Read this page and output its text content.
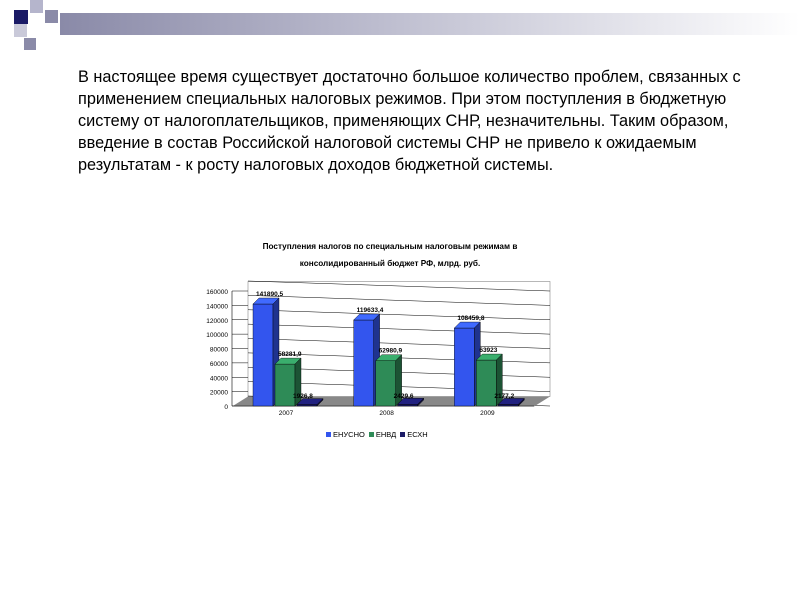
В настоящее время существует достаточно большое количество проблем, связанных с применением специальных налоговых режимов. При этом поступления в бюджетную систему от налогоплательщиков, применяющих СНР, незначительны. Таким образом, введение в состав Российской налоговой системы СНР не привело к ожидаемым результатам - к росту налоговых доходов бюджетной системы.

Поступления налогов по специальным налоговым режимам в
консолидированный бюджет РФ, млрд. руб.
0
20000
40000
60000
80000
100000
120000
140000
160000	141890,5
58281,9
1926,8
2007
119633,4
62980,9
2429,6
2008
108459,8
63923
2177,2
2009
ЕНУСНО ЕНВД ЕСХН
